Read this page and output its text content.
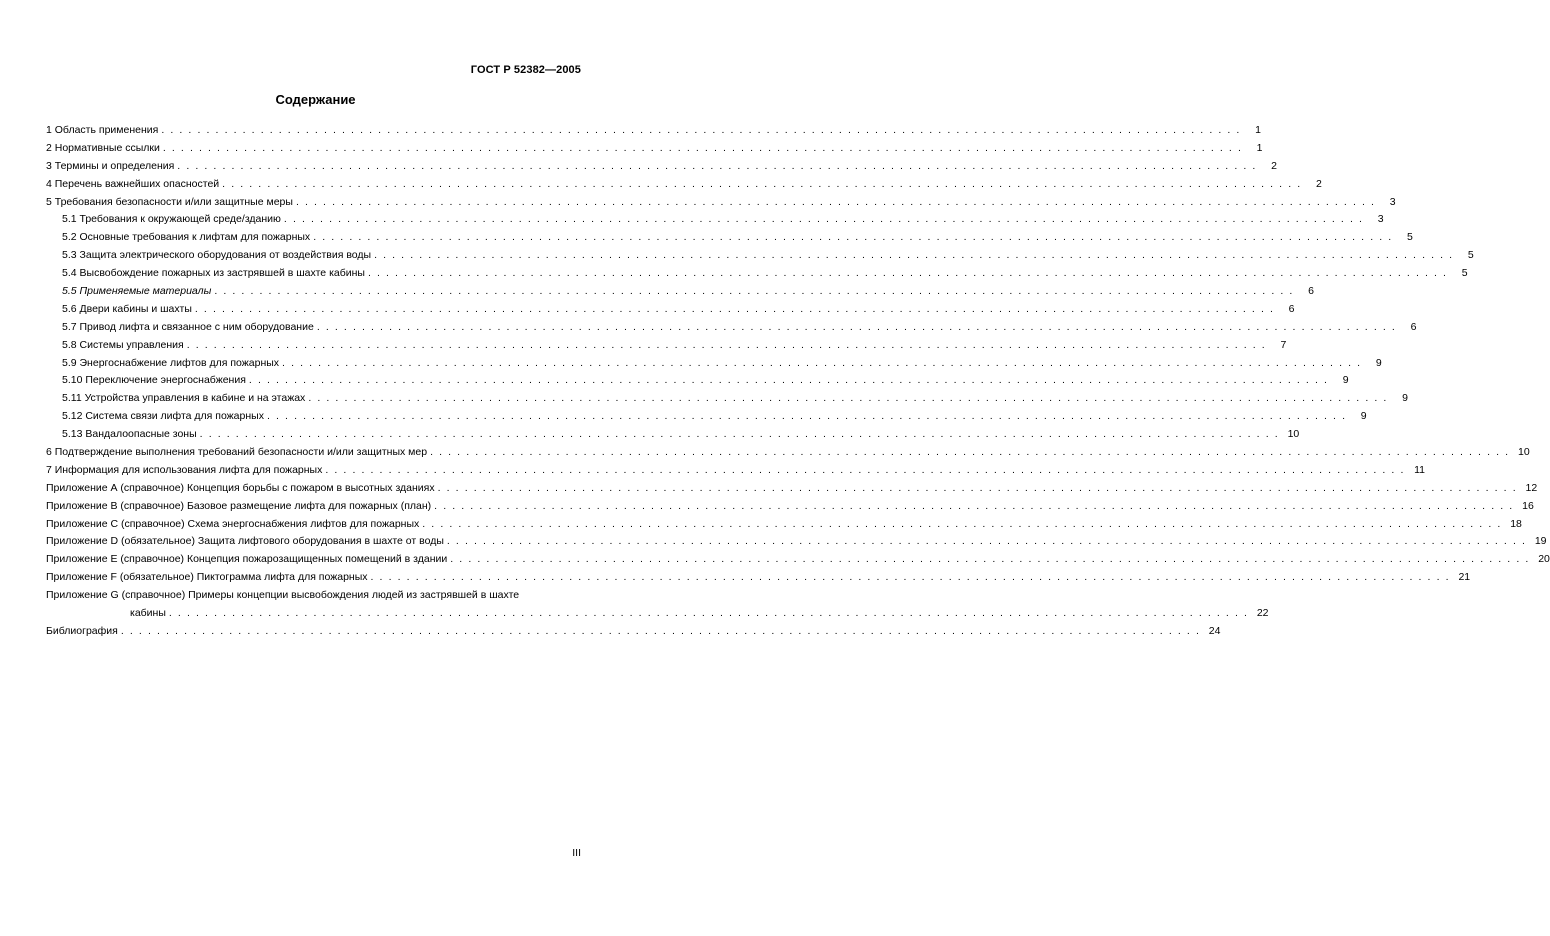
ГОСТ Р 52382—2005
Содержание
1 Область применения . . . . . . . . . . . . . . . . . . . . . . . . . . . . . . . . . . . . . . . . . . . . . . . . . . . . . . . . . . . . . . . . . . . . . . . . . . . . . . . . . . . . . . . . . . . . . . . . . . . . . . . . . . . . . . . . . . . . . . . .	1
2 Нормативные ссылки . . . . . . . . . . . . . . . . . . . . . . . . . . . . . . . . . . . . . . . . . . . . . . . . . . . . . . . . . . . . . . . . . . . . . . . . . . . . . . . . . . . . . . . . . . . . . . . . . . . . . . . . . . . . . . . . . . . . . . . .	1
3 Термины и определения . . . . . . . . . . . . . . . . . . . . . . . . . . . . . . . . . . . . . . . . . . . . . . . . . . . . . . . . . . . . . . . . . . . . . . . . . . . . . . . . . . . . . . . . . . . . . . . . . . . . . . . . . . . . . . . . . . . . . . . .	2
4 Перечень важнейших опасностей . . . . . . . . . . . . . . . . . . . . . . . . . . . . . . . . . . . . . . . . . . . . . . . . . . . . . . . . . . . . . . . . . . . . . . . . . . . . . . . . . . . . . . . . . . . . . . . . . . . . . . . . . . . . . . . . . . . . . . . .	2
5 Требования безопасности и/или защитные меры . . . . . . . . . . . . . . . . . . . . . . . . . . . . . . . . . . . . . . . . . . . . . . . . . . . . . . . . . . . . . . . . . . . . . . . . . . . . . . . . . . . . . . . . . . . . . . . . . . . . . . . . . . . . . . . . . . . . . . . .	3
5.1 Требования к окружающей среде/зданию . . . . . . . . . . . . . . . . . . . . . . . . . . . . . . . . . . . . . . . . . . . . . . . . . . . . . . . . . . . . . . . . . . . . . . . . . . . . . . . . . . . . . . . . . . . . . . . . . . . . . . . . . . . . . . . . . . . . . . . .	3
5.2 Основные требования к лифтам для пожарных . . . . . . . . . . . . . . . . . . . . . . . . . . . . . . . . . . . . . . . . . . . . . . . . . . . . . . . . . . . . . . . . . . . . . . . . . . . . . . . . . . . . . . . . . . . . . . . . . . . . . . . . . . . . . . . . . . . . . . . .	5
5.3 Защита электрического оборудования от воздействия воды . . . . . . . . . . . . . . . . . . . . . . . . . . . . . . . . . . . . . . . . . . . . . . . . . . . . . . . . . . . . . . . . . . . . . . . . . . . . . . . . . . . . . . . . . . . . . . . . . . . . . . . . . . . . . . . . . . . . . . . .	5
5.4 Высвобождение пожарных из застрявшей в шахте кабины . . . . . . . . . . . . . . . . . . . . . . . . . . . . . . . . . . . . . . . . . . . . . . . . . . . . . . . . . . . . . . . . . . . . . . . . . . . . . . . . . . . . . . . . . . . . . . . . . . . . . . . . . . . . . . . . . . . . . . . .	5
5.5 Применяемые материалы . . . . . . . . . . . . . . . . . . . . . . . . . . . . . . . . . . . . . . . . . . . . . . . . . . . . . . . . . . . . . . . . . . . . . . . . . . . . . . . . . . . . . . . . . . . . . . . . . . . . . . . . . . . . . . . . . . . . . . . .	6
5.6 Двери кабины и шахты . . . . . . . . . . . . . . . . . . . . . . . . . . . . . . . . . . . . . . . . . . . . . . . . . . . . . . . . . . . . . . . . . . . . . . . . . . . . . . . . . . . . . . . . . . . . . . . . . . . . . . . . . . . . . . . . . . . . . . . .	6
5.7 Привод лифта и связанное с ним оборудование . . . . . . . . . . . . . . . . . . . . . . . . . . . . . . . . . . . . . . . . . . . . . . . . . . . . . . . . . . . . . . . . . . . . . . . . . . . . . . . . . . . . . . . . . . . . . . . . . . . . . . . . . . . . . . . . . . . . . . . .	6
5.8 Системы управления . . . . . . . . . . . . . . . . . . . . . . . . . . . . . . . . . . . . . . . . . . . . . . . . . . . . . . . . . . . . . . . . . . . . . . . . . . . . . . . . . . . . . . . . . . . . . . . . . . . . . . . . . . . . . . . . . . . . . . . .	7
5.9 Энергоснабжение лифтов для пожарных . . . . . . . . . . . . . . . . . . . . . . . . . . . . . . . . . . . . . . . . . . . . . . . . . . . . . . . . . . . . . . . . . . . . . . . . . . . . . . . . . . . . . . . . . . . . . . . . . . . . . . . . . . . . . . . . . . . . . . . .	9
5.10 Переключение энергоснабжения . . . . . . . . . . . . . . . . . . . . . . . . . . . . . . . . . . . . . . . . . . . . . . . . . . . . . . . . . . . . . . . . . . . . . . . . . . . . . . . . . . . . . . . . . . . . . . . . . . . . . . . . . . . . . . . . . . . . . . . .	9
5.11 Устройства управления в кабине и на этажах . . . . . . . . . . . . . . . . . . . . . . . . . . . . . . . . . . . . . . . . . . . . . . . . . . . . . . . . . . . . . . . . . . . . . . . . . . . . . . . . . . . . . . . . . . . . . . . . . . . . . . . . . . . . . . . . . . . . . . . .	9
5.12 Система связи лифта для пожарных . . . . . . . . . . . . . . . . . . . . . . . . . . . . . . . . . . . . . . . . . . . . . . . . . . . . . . . . . . . . . . . . . . . . . . . . . . . . . . . . . . . . . . . . . . . . . . . . . . . . . . . . . . . . . . . . . . . . . . . .	9
5.13 Вандалоопасные зоны . . . . . . . . . . . . . . . . . . . . . . . . . . . . . . . . . . . . . . . . . . . . . . . . . . . . . . . . . . . . . . . . . . . . . . . . . . . . . . . . . . . . . . . . . . . . . . . . . . . . . . . . . . . . . . . . . . . . . . . . 10
6 Подтверждение выполнения требований безопасности и/или защитных мер . . . . . . . . . . . . . . . . . . . . . . . . . . . . . . . . . . . . . . . . . . . . . . . . . . . . . . . . . . . . . . . . . . . . . . . . . . . . . . . . . . . . . . . . . . . . . . . . . . . . . . . . . . . . . . . . . . . . . . . . 10
7 Информация для использования лифта для пожарных . . . . . . . . . . . . . . . . . . . . . . . . . . . . . . . . . . . . . . . . . . . . . . . . . . . . . . . . . . . . . . . . . . . . . . . . . . . . . . . . . . . . . . . . . . . . . . . . . . . . . . . . . . . . . . . . . . . . . . . . 11
Приложение А (справочное) Концепция борьбы с пожаром в высотных зданиях . . . . . . . . . . . . . . . . . . . . . . . . . . . . . . . . . . . . . . . . . . . . . . . . . . . . . . . . . . . . . . . . . . . . . . . . . . . . . . . . . . . . . . . . . . . . . . . . . . . . . . . . . . . . . . . . . . . . . . . . 12
Приложение В (справочное) Базовое размещение лифта для пожарных (план) . . . . . . . . . . . . . . . . . . . . . . . . . . . . . . . . . . . . . . . . . . . . . . . . . . . . . . . . . . . . . . . . . . . . . . . . . . . . . . . . . . . . . . . . . . . . . . . . . . . . . . . . . . . . . . . . . . . . . . . . 16
Приложение С (справочное) Схема энергоснабжения лифтов для пожарных . . . . . . . . . . . . . . . . . . . . . . . . . . . . . . . . . . . . . . . . . . . . . . . . . . . . . . . . . . . . . . . . . . . . . . . . . . . . . . . . . . . . . . . . . . . . . . . . . . . . . . . . . . . . . . . . . . . . . . . . 18
Приложение D (обязательное) Защита лифтового оборудования в шахте от воды . . . . . . . . . . . . . . . . . . . . . . . . . . . . . . . . . . . . . . . . . . . . . . . . . . . . . . . . . . . . . . . . . . . . . . . . . . . . . . . . . . . . . . . . . . . . . . . . . . . . . . . . . . . . . . . . . . . . . . . . 19
Приложение Е (справочное) Концепция пожарозащищенных помещений в здании . . . . . . . . . . . . . . . . . . . . . . . . . . . . . . . . . . . . . . . . . . . . . . . . . . . . . . . . . . . . . . . . . . . . . . . . . . . . . . . . . . . . . . . . . . . . . . . . . . . . . . . . . . . . . . . . . . . . . . . . 20
Приложение F (обязательное) Пиктограмма лифта для пожарных . . . . . . . . . . . . . . . . . . . . . . . . . . . . . . . . . . . . . . . . . . . . . . . . . . . . . . . . . . . . . . . . . . . . . . . . . . . . . . . . . . . . . . . . . . . . . . . . . . . . . . . . . . . . . . . . . . . . . . . . 21
Приложение G (справочное) Примеры концепции высвобождения людей из застрявшей в шахте
кабины . . . . . . . . . . . . . . . . . . . . . . . . . . . . . . . . . . . . . . . . . . . . . . . . . . . . . . . . . . . . . . . . . . . . . . . . . . . . . . . . . . . . . . . . . . . . . . . . . . . . . . . . . . . . . . . . . . . . . . . . 22
Библиография . . . . . . . . . . . . . . . . . . . . . . . . . . . . . . . . . . . . . . . . . . . . . . . . . . . . . . . . . . . . . . . . . . . . . . . . . . . . . . . . . . . . . . . . . . . . . . . . . . . . . . . . . . . . . . . . . . . . . . . . 24
III
